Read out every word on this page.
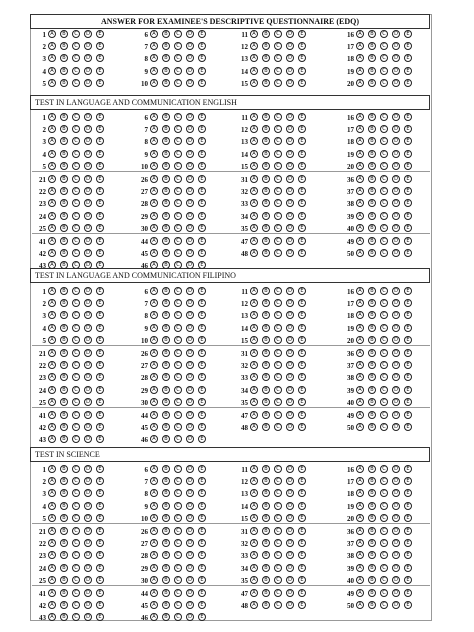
ANSWER FOR EXAMINEE'S DESCRIPTIVE QUESTIONNAIRE (EDQ)
TEST IN LANGUAGE AND COMMUNICATION ENGLISH
TEST IN LANGUAGE AND COMMUNICATION FILIPINO
TEST IN SCIENCE
1 A	B	C	D	E
2 A	B	C	D	E
3 A	B	C	D	E
4 A	B	C	D	E
5 A	B	C	D	E
6 A	B	C	D	E
7 A	B	C	D	E
8 A	B	C	D	E
9 A	B	C	D	E
10 A	B	C	D	E
11 A	B	C	D	E
12 A	B	C	D	E
13 A	B	C	D	E
14 A	B	C	D	E
15 A	B	C	D	E
16 A	B	C	D	E
17 A	B	C	D	E
18 A	B	C	D	E
19 A	B	C	D	E
20 A	B	C	D	E
1 A	B	C	D	E
2 A	B	C	D	E
3 A	B	C	D	E
4 A	B	C	D	E
5 A	B	C	D	E
6 A	B	C	D	E
7 A	B	C	D	E
8 A	B	C	D	E
9 A	B	C	D	E
10 A	B	C	D	E
11 A	B	C	D	E
12 A	B	C	D	E
13 A	B	C	D	E
14 A	B	C	D	E
15 A	B	C	D	E
16 A	B	C	D	E
17 A	B	C	D	E
18 A	B	C	D	E
19 A	B	C	D	E
20 A	B	C	D	E
21 A	B	C	D	E
22 A	B	C	D	E
23 A	B	C	D	E
24 A	B	C	D	E
25 A	B	C	D	E
26 A	B	C	D	E
27 A	B	C	D	E
28 A	B	C	D	E
29 A	B	C	D	E
30 A	B	C	D	E
31 A	B	C	D	E
32 A	B	C	D	E
33 A	B	C	D	E
34 A	B	C	D	E
35 A	B	C	D	E
36 A	B	C	D	E
37 A	B	C	D	E
38 A	B	C	D	E
39 A	B	C	D	E
40 A	B	C	D	E
41 A	B	C	D	E
42 A	B	C	D	E
43 A	B	C	D	E
44 A	B	C	D	E
45 A	B	C	D	E
46 A	B	C	D	E
47 A	B	C	D	E
48 A	B	C	D	E
49 A	B	C	D	E
50 A	B	C	D	E
1 A	B	C	D	E
2 A	B	C	D	E
3 A	B	C	D	E
4 A	B	C	D	E
5 A	B	C	D	E
6 A	B	C	D	E
7 A	B	C	D	E
8 A	B	C	D	E
9 A	B	C	D	E
10 A	B	C	D	E
11 A	B	C	D	E
12 A	B	C	D	E
13 A	B	C	D	E
14 A	B	C	D	E
15 A	B	C	D	E
16 A	B	C	D	E
17 A	B	C	D	E
18 A	B	C	D	E
19 A	B	C	D	E
20 A	B	C	D	E
21 A	B	C	D	E
22 A	B	C	D	E
23 A	B	C	D	E
24 A	B	C	D	E
25 A	B	C	D	E
26 A	B	C	D	E
27 A	B	C	D	E
28 A	B	C	D	E
29 A	B	C	D	E
30 A	B	C	D	E
31 A	B	C	D	E
32 A	B	C	D	E
33 A	B	C	D	E
34 A	B	C	D	E
35 A	B	C	D	E
36 A	B	C	D	E
37 A	B	C	D	E
38 A	B	C	D	E
39 A	B	C	D	E
40 A	B	C	D	E
41 A	B	C	D	E
42 A	B	C	D	E
43 A	B	C	D	E
44 A	B	C	D	E
45 A	B	C	D	E
46 A	B	C	D	E
47 A	B	C	D	E
48 A	B	C	D	E
49 A	B	C	D	E
50 A	B	C	D	E
1 A	B	C	D	E
2 A	B	C	D	E
3 A	B	C	D	E
4 A	B	C	D	E
5 A	B	C	D	E
6 A	B	C	D	E
7 A	B	C	D	E
8 A	B	C	D	E
9 A	B	C	D	E
10 A	B	C	D	E
11 A	B	C	D	E
12 A	B	C	D	E
13 A	B	C	D	E
14 A	B	C	D	E
15 A	B	C	D	E
16 A	B	C	D	E
17 A	B	C	D	E
18 A	B	C	D	E
19 A	B	C	D	E
20 A	B	C	D	E
21 A	B	C	D	E
22 A	B	C	D	E
23 A	B	C	D	E
24 A	B	C	D	E
25 A	B	C	D	E
26 A	B	C	D	E
27 A	B	C	D	E
28 A	B	C	D	E
29 A	B	C	D	E
30 A	B	C	D	E
31 A	B	C	D	E
32 A	B	C	D	E
33 A	B	C	D	E
34 A	B	C	D	E
35 A	B	C	D	E
36 A	B	C	D	E
37 A	B	C	D	E
38 A	B	C	D	E
39 A	B	C	D	E
40 A	B	C	D	E
41 A	B	C	D	E
42 A	B	C	D	E
43 A	B	C	D	E
44 A	B	C	D	E
45 A	B	C	D	E
46 A	B	C	D	E
47 A	B	C	D	E
48 A	B	C	D	E
49 A	B	C	D	E
50 A	B	C	D	E
